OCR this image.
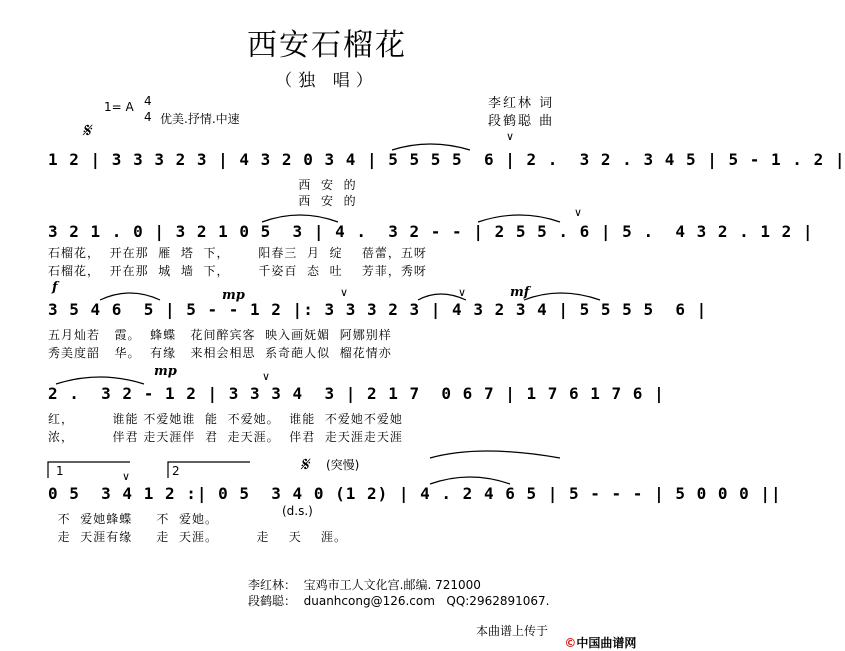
西安石榴花
（独 唱）
李红林 词
段鹤聪 曲
𝄋
1= A 4
4 优美.抒情.中速
1 2 | 3 3 3 2 3 | 4 3 2 0 3 4 | 5 5 5 5  6 | 2 .  3 2 . 3 4 5 | 5 - 1 . 2 |
西  安  的
西  安  的
3 2 1 . 0 | 3 2 1 0 5  3 | 4 .  3 2 - - | 2 5 5 . 6 | 5 .  4 3 2 . 1 2 |
石榴花，  开在那  雁  塔  下，      阳春三  月  绽    蓓蕾，五呀
石榴花，  开在那  城  墙  下，      千姿百  态  吐    芳菲，秀呀
f
mp	mf
3 5 4 6  5 | 5 - - 1 2 |: 3 3 3 2 3 | 4 3 2 3 4 | 5 5 5 5  6 |
五月灿若   霞。  蜂蝶   花间醉宾客  映入画妩媚  阿娜别样
秀美度韶   华。  有缘   来相会相思  系奇葩人似  榴花情亦
mp
2 .  3 2 - 1 2 | 3 3 3 4  3 | 2 1 7  0 6 7 | 1 7 6 1 7 6 |
红，        谁能 不爱她谁  能  不爱她。  谁能  不爱她不爱她
浓，        伴君 走天涯伴  君  走天涯。  伴君  走天涯走天涯
1	2	𝄋 (突慢)
0 5  3 4 1 2 :| 0 5  3 4 0 (1 2) | 4 . 2 4 6 5 | 5 - - - | 5 0 0 0 ||
(d.s.)
不  爱她蜂蝶     不  爱她。
走  天涯有缘     走  天涯。        走    天    涯。
李红林：  宝鸡市工人文化宫.邮编. 721000
段鹤聪：  duanhcong@126.com   QQ:2962891067.
本曲谱上传于

©中国曲谱网

∨
∨
∨	∨
∨
∨
